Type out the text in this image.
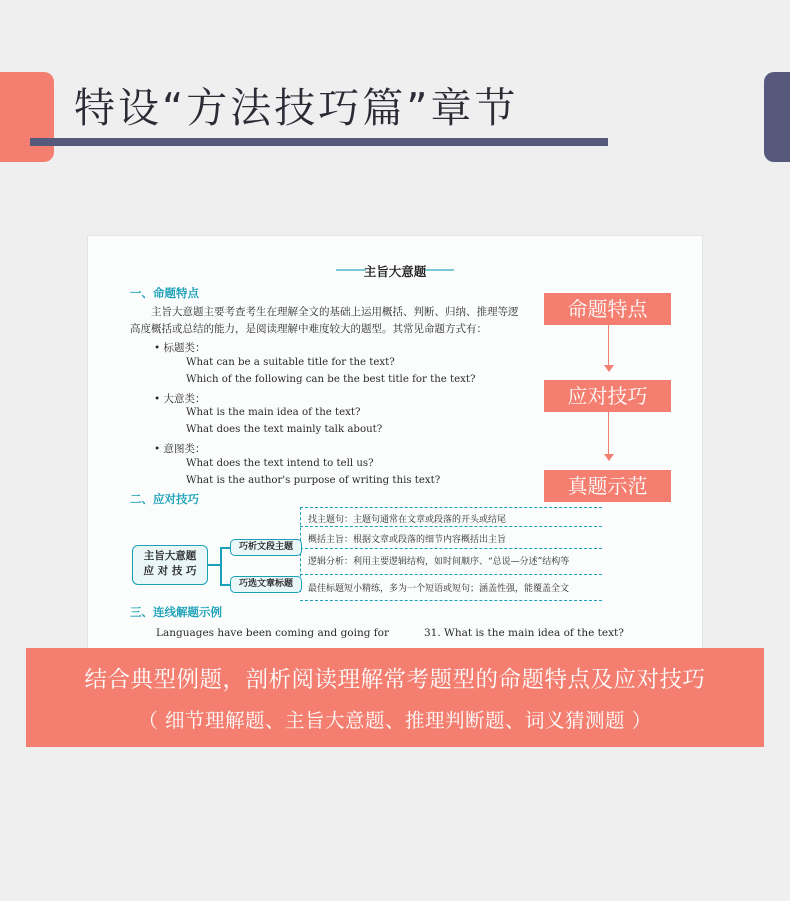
特设“方法技巧篇”章节
主旨大意题
一、命题特点
主旨大意题主要考查考生在理解全文的基础上运用概括、判断、归纳、推理等逻
高度概括或总结的能力，是阅读理解中难度较大的题型。其常见命题方式有：
• 标题类：
What can be a suitable title for the text?
Which of the following can be the best title for the text?
• 大意类：
What is the main idea of the text?
What does the text mainly talk about?
• 意图类：
What does the text intend to tell us?
What is the author's purpose of writing this text?
二、应对技巧
主旨大意题
应 对 技 巧
巧析文段主题
巧选文章标题
找主题句：主题句通常在文章或段落的开头或结尾
概括主旨：根据文章或段落的细节内容概括出主旨
逻辑分析：利用主要逻辑结构，如时间顺序、“总说—分述”结构等
最佳标题短小精练，多为一个短语或短句；涵盖性强，能覆盖全文
三、连线解题示例
Languages have been coming and going for	31. What is the main idea of the text?
命题特点
应对技巧
真题示范
结合典型例题，剖析阅读理解常考题型的命题特点及应对技巧
（ 细节理解题、主旨大意题、推理判断题、词义猜测题 ）
